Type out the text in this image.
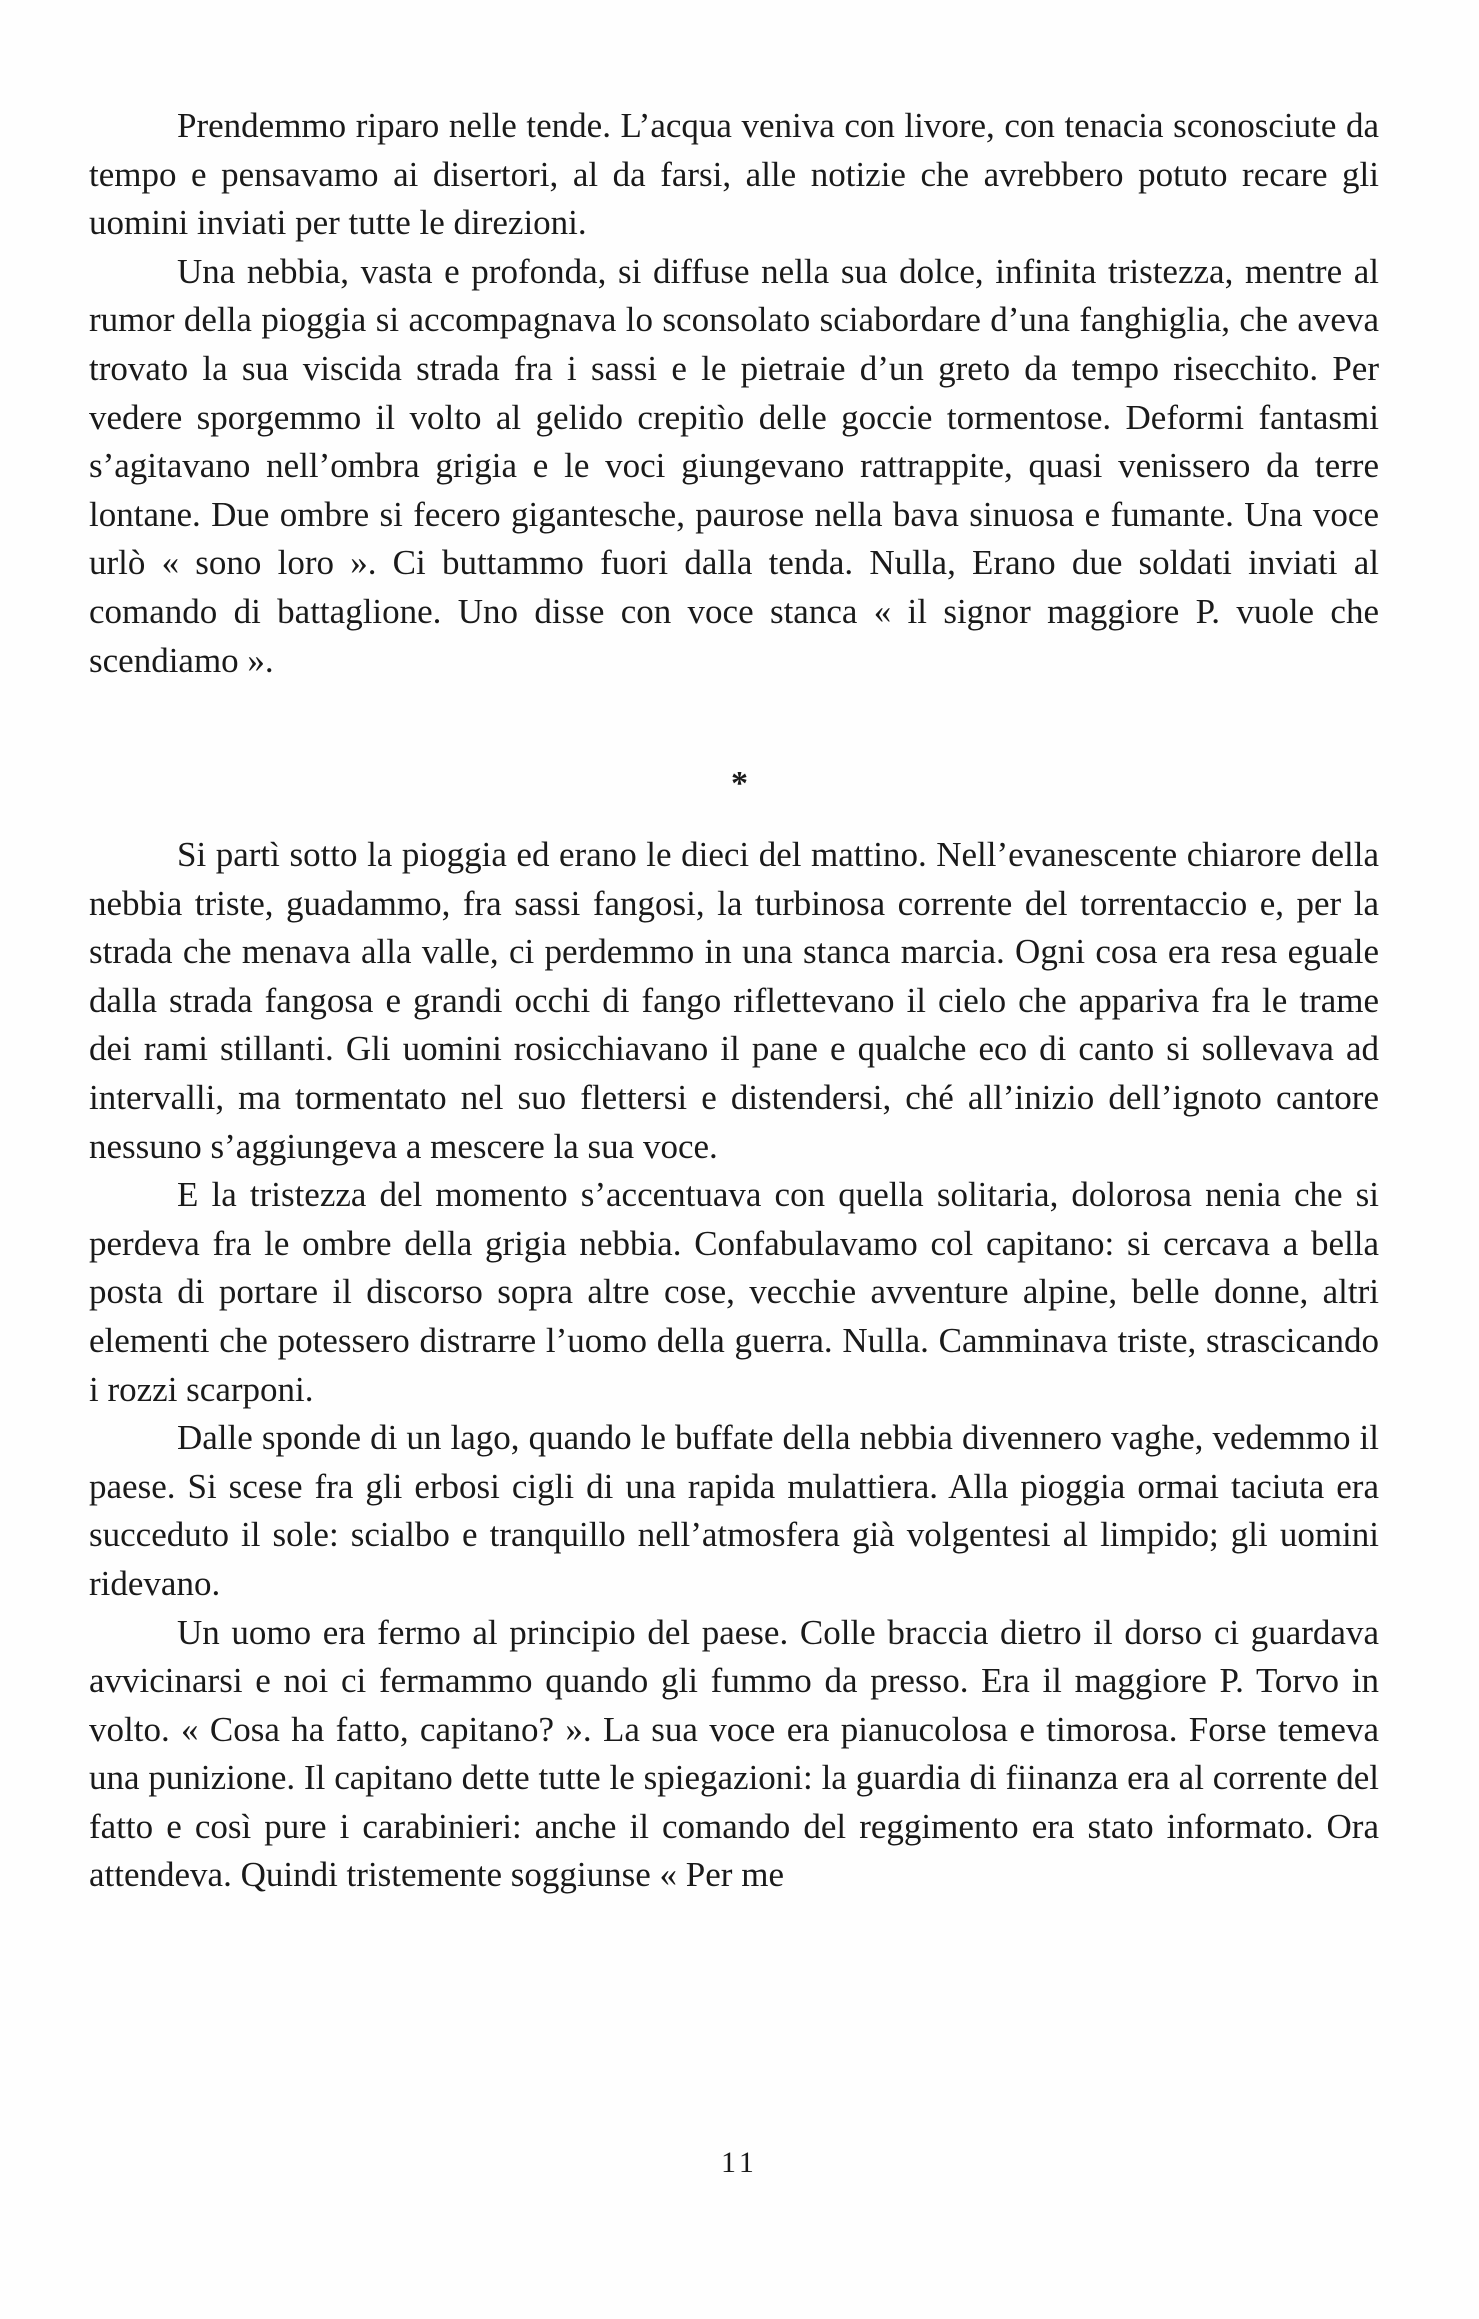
Prendemmo riparo nelle tende. L’acqua veniva con livore, con tenacia sconosciute da tempo e pensavamo ai disertori, al da farsi, alle notizie che avrebbero potuto recare gli uomini inviati per tutte le direzioni.

Una nebbia, vasta e profonda, si diffuse nella sua dolce, infinita tristezza, mentre al rumor della pioggia si accompagnava lo sconsolato sciabordare d’una fanghiglia, che aveva trovato la sua viscida strada fra i sassi e le pietraie d’un greto da tempo risecchito. Per vedere sporgemmo il volto al gelido crepitìo delle goccie tormentose. Deformi fantasmi s’agitavano nell’ombra grigia e le voci giungevano rattrappite, quasi venissero da terre lontane. Due ombre si fecero gigantesche, paurose nella bava sinuosa e fumante. Una voce urlò « sono loro ». Ci buttammo fuori dalla tenda. Nulla, Erano due soldati inviati al comando di battaglione. Uno disse con voce stanca « il signor maggiore P. vuole che scendiamo ».

*

Si partì sotto la pioggia ed erano le dieci del mattino. Nell’evanescente chiarore della nebbia triste, guadammo, fra sassi fangosi, la turbinosa corrente del torrentaccio e, per la strada che menava alla valle, ci perdemmo in una stanca marcia. Ogni cosa era resa eguale dalla strada fangosa e grandi occhi di fango riflettevano il cielo che appariva fra le trame dei rami stillanti. Gli uomini rosicchiavano il pane e qualche eco di canto si sollevava ad intervalli, ma tormentato nel suo flettersi e distendersi, ché all’inizio dell’ignoto cantore nessuno s’aggiungeva a mescere la sua voce.

E la tristezza del momento s’accentuava con quella solitaria, dolorosa nenia che si perdeva fra le ombre della grigia nebbia. Confabulavamo col capitano: si cercava a bella posta di portare il discorso sopra altre cose, vecchie avventure alpine, belle donne, altri elementi che potessero distrarre l’uomo della guerra. Nulla. Camminava triste, strascicando i rozzi scarponi.

Dalle sponde di un lago, quando le buffate della nebbia divennero vaghe, vedemmo il paese. Si scese fra gli erbosi cigli di una rapida mulattiera. Alla pioggia ormai taciuta era succeduto il sole: scialbo e tranquillo nell’atmosfera già volgentesi al limpido; gli uomini ridevano.

Un uomo era fermo al principio del paese. Colle braccia dietro il dorso ci guardava avvicinarsi e noi ci fermammo quando gli fummo da presso. Era il maggiore P. Torvo in volto. « Cosa ha fatto, capitano? ». La sua voce era pianucolosa e timorosa. Forse temeva una punizione. Il capitano dette tutte le spiegazioni: la guardia di fiinanza era al corrente del fatto e così pure i carabinieri: anche il comando del reggimento era stato informato. Ora attendeva. Quindi tristemente soggiunse « Per me

11
